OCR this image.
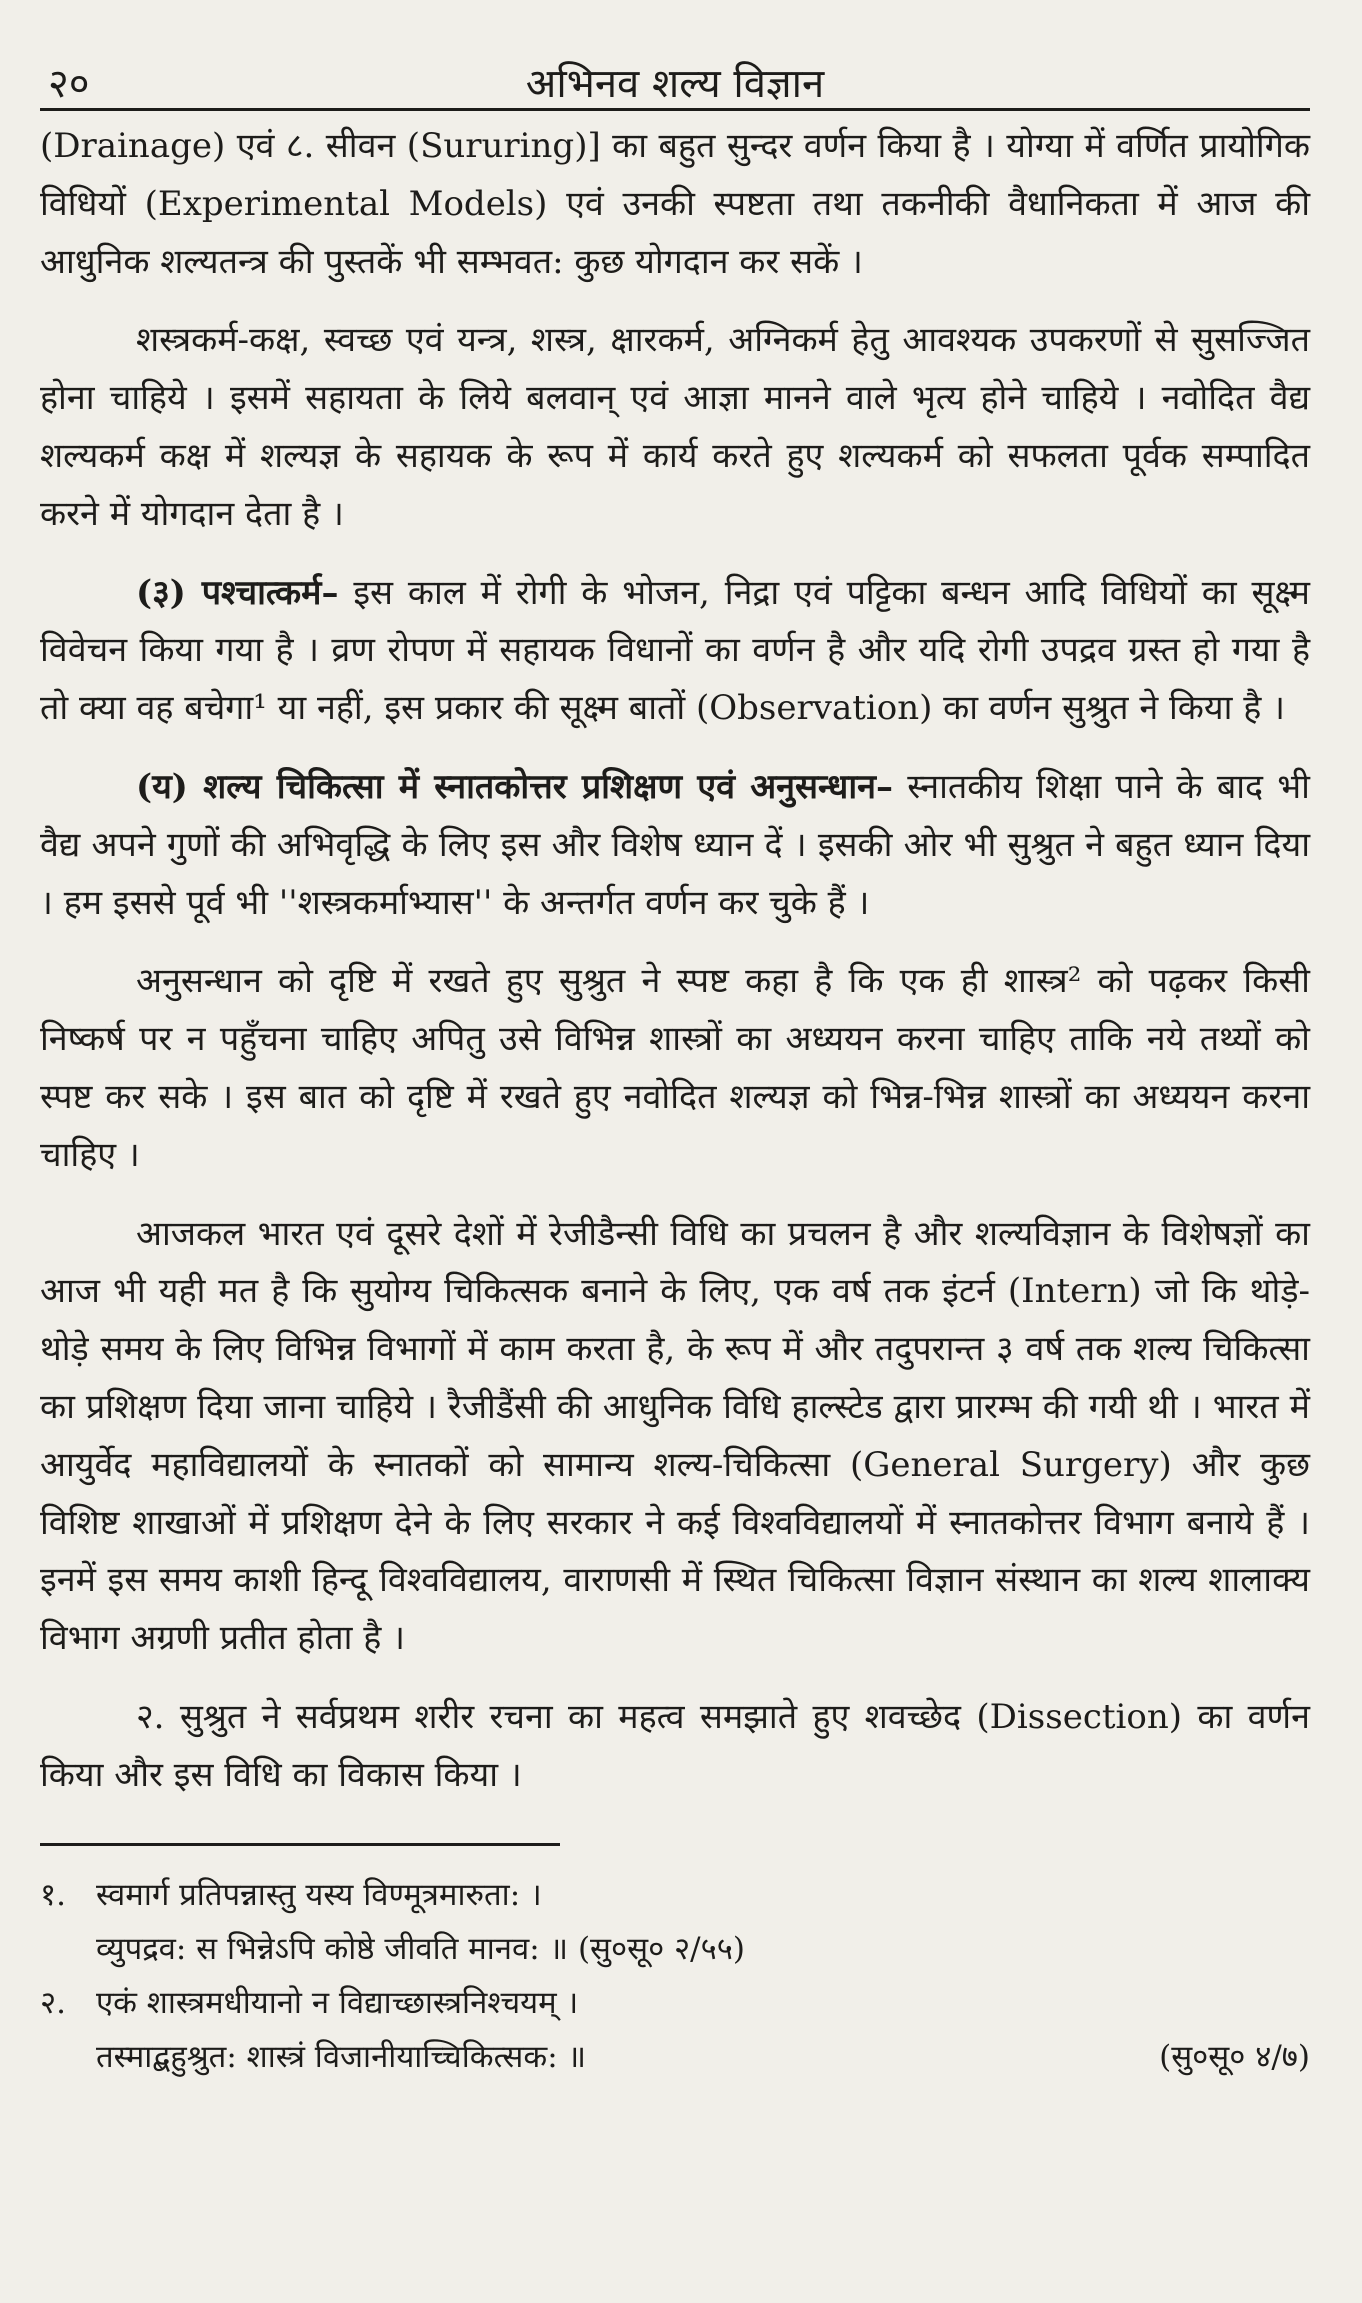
२०	अभिनव शल्य विज्ञान

(Drainage) एवं ८. सीवन (Sururing)] का बहुत सुन्दर वर्णन किया है । योग्या में वर्णित प्रायोगिक विधियों (Experimental Models) एवं उनकी स्पष्टता तथा तकनीकी वैधानिकता में आज की आधुनिक शल्यतन्त्र की पुस्तकें भी सम्भवत: कुछ योगदान कर सकें ।

शस्त्रकर्म-कक्ष, स्वच्छ एवं यन्त्र, शस्त्र, क्षारकर्म, अग्निकर्म हेतु आवश्यक उपकरणों से सुसज्जित होना चाहिये । इसमें सहायता के लिये बलवान् एवं आज्ञा मानने वाले भृत्य होने चाहिये । नवोदित वैद्य शल्यकर्म कक्ष में शल्यज्ञ के सहायक के रूप में कार्य करते हुए शल्यकर्म को सफलता पूर्वक सम्पादित करने में योगदान देता है ।

(३) पश्चात्कर्म– इस काल में रोगी के भोजन, निद्रा एवं पट्टिका बन्धन आदि विधियों का सूक्ष्म विवेचन किया गया है । व्रण रोपण में सहायक विधानों का वर्णन है और यदि रोगी उपद्रव ग्रस्त हो गया है तो क्या वह बचेगा¹ या नहीं, इस प्रकार की सूक्ष्म बातों (Observation) का वर्णन सुश्रुत ने किया है ।

(य) शल्य चिकित्सा में स्नातकोत्तर प्रशिक्षण एवं अनुसन्धान– स्नातकीय शिक्षा पाने के बाद भी वैद्य अपने गुणों की अभिवृद्धि के लिए इस और विशेष ध्यान दें । इसकी ओर भी सुश्रुत ने बहुत ध्यान दिया । हम इससे पूर्व भी ''शस्त्रकर्माभ्यास'' के अन्तर्गत वर्णन कर चुके हैं ।

अनुसन्धान को दृष्टि में रखते हुए सुश्रुत ने स्पष्ट कहा है कि एक ही शास्त्र² को पढ़कर किसी निष्कर्ष पर न पहुँचना चाहिए अपितु उसे विभिन्न शास्त्रों का अध्ययन करना चाहिए ताकि नये तथ्यों को स्पष्ट कर सके । इस बात को दृष्टि में रखते हुए नवोदित शल्यज्ञ को भिन्न-भिन्न शास्त्रों का अध्ययन करना चाहिए ।

आजकल भारत एवं दूसरे देशों में रेजीडैन्सी विधि का प्रचलन है और शल्यविज्ञान के विशेषज्ञों का आज भी यही मत है कि सुयोग्य चिकित्सक बनाने के लिए, एक वर्ष तक इंटर्न (Intern) जो कि थोड़े-थोड़े समय के लिए विभिन्न विभागों में काम करता है, के रूप में और तदुपरान्त ३ वर्ष तक शल्य चिकित्सा का प्रशिक्षण दिया जाना चाहिये । रैजीडैंसी की आधुनिक विधि हाल्स्टेड द्वारा प्रारम्भ की गयी थी । भारत में आयुर्वेद महाविद्यालयों के स्नातकों को सामान्य शल्य-चिकित्सा (General Surgery) और कुछ विशिष्ट शाखाओं में प्रशिक्षण देने के लिए सरकार ने कई विश्वविद्यालयों में स्नातकोत्तर विभाग बनाये हैं । इनमें इस समय काशी हिन्दू विश्वविद्यालय, वाराणसी में स्थित चिकित्सा विज्ञान संस्थान का शल्य शालाक्य विभाग अग्रणी प्रतीत होता है ।

२. सुश्रुत ने सर्वप्रथम शरीर रचना का महत्व समझाते हुए शवच्छेद (Dissection) का वर्णन किया और इस विधि का विकास किया ।

१. स्वमार्ग प्रतिपन्नास्तु यस्य विण्मूत्रमारुता: ।
व्युपद्रव: स भिन्नेऽपि कोष्ठे जीवति मानव: ॥ (सु०सू० २/५५)
२. एकं शास्त्रमधीयानो न विद्याच्छास्त्रनिश्चयम् ।
तस्माद्बहुश्रुत: शास्त्रं विजानीयाच्चिकित्सक: ॥	(सु०सू० ४/७)
